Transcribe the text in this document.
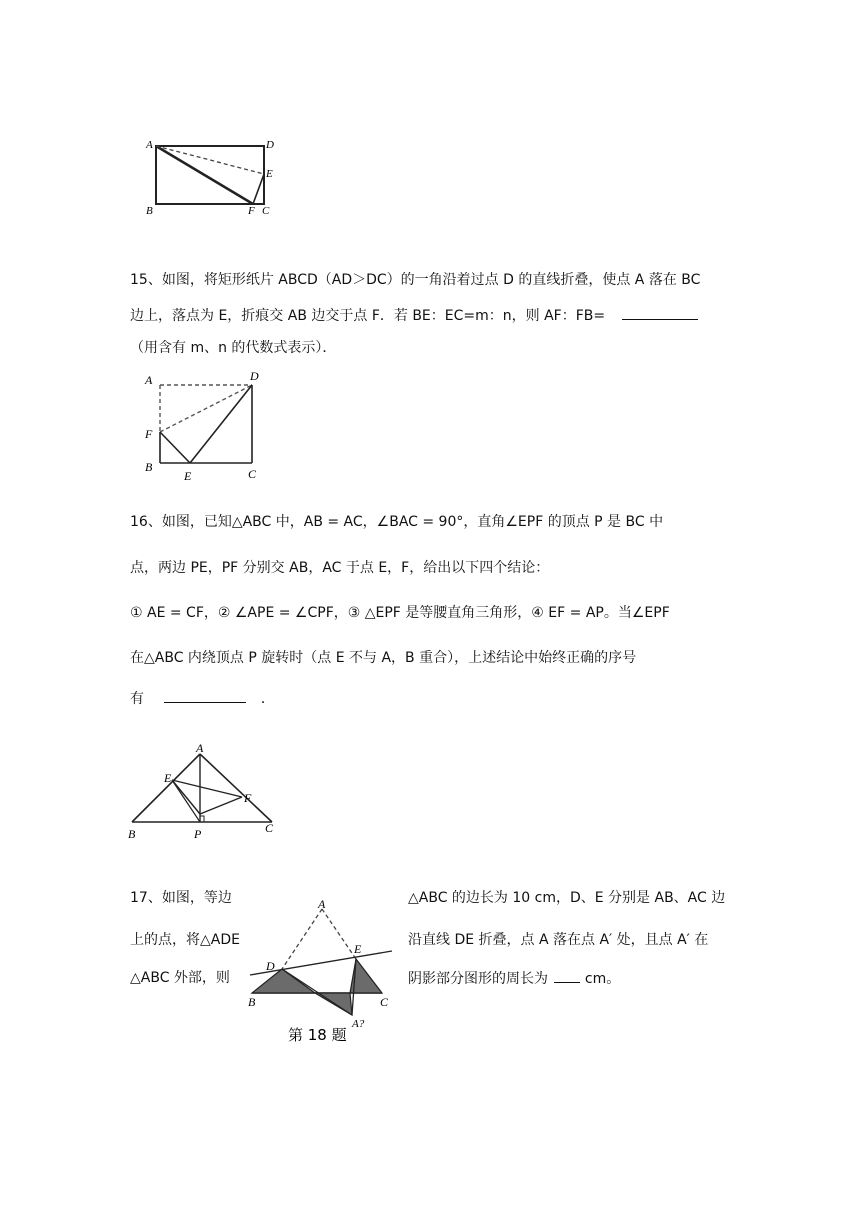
A	D
E
B	F C
15、如图，将矩形纸片 ABCD（AD＞DC）的一角沿着过点 D 的直线折叠，使点 A 落在 BC
边上，落点为 E，折痕交 AB 边交于点 F．若 BE：EC=m：n，则 AF：FB=
（用含有 m、n 的代数式表示）．
A	D
F
B
E	C
16、如图，已知△ABC 中，AB = AC，∠BAC = 90°，直角∠EPF 的顶点 P 是 BC 中
点，两边 PE，PF 分别交 AB，AC 于点 E，F，给出以下四个结论：
① AE = CF，② ∠APE = ∠CPF，③ △EPF 是等腰直角三角形，④ EF = AP。当∠EPF
在△ABC 内绕顶点 P 旋转时（点 E 不与 A，B 重合），上述结论中始终正确的序号
有	．
A
E
F
B	P	C
17、如图，等边
上的点，将△ADE
△ABC 外部，则
△ABC 的边长为 10 cm，D、E 分别是 AB、AC 边
沿直线 DE 折叠，点 A 落在点 A′ 处，且点 A′ 在
阴影部分图形的周长为	cm。
A
D
E
B	C
A?
第 18 题
